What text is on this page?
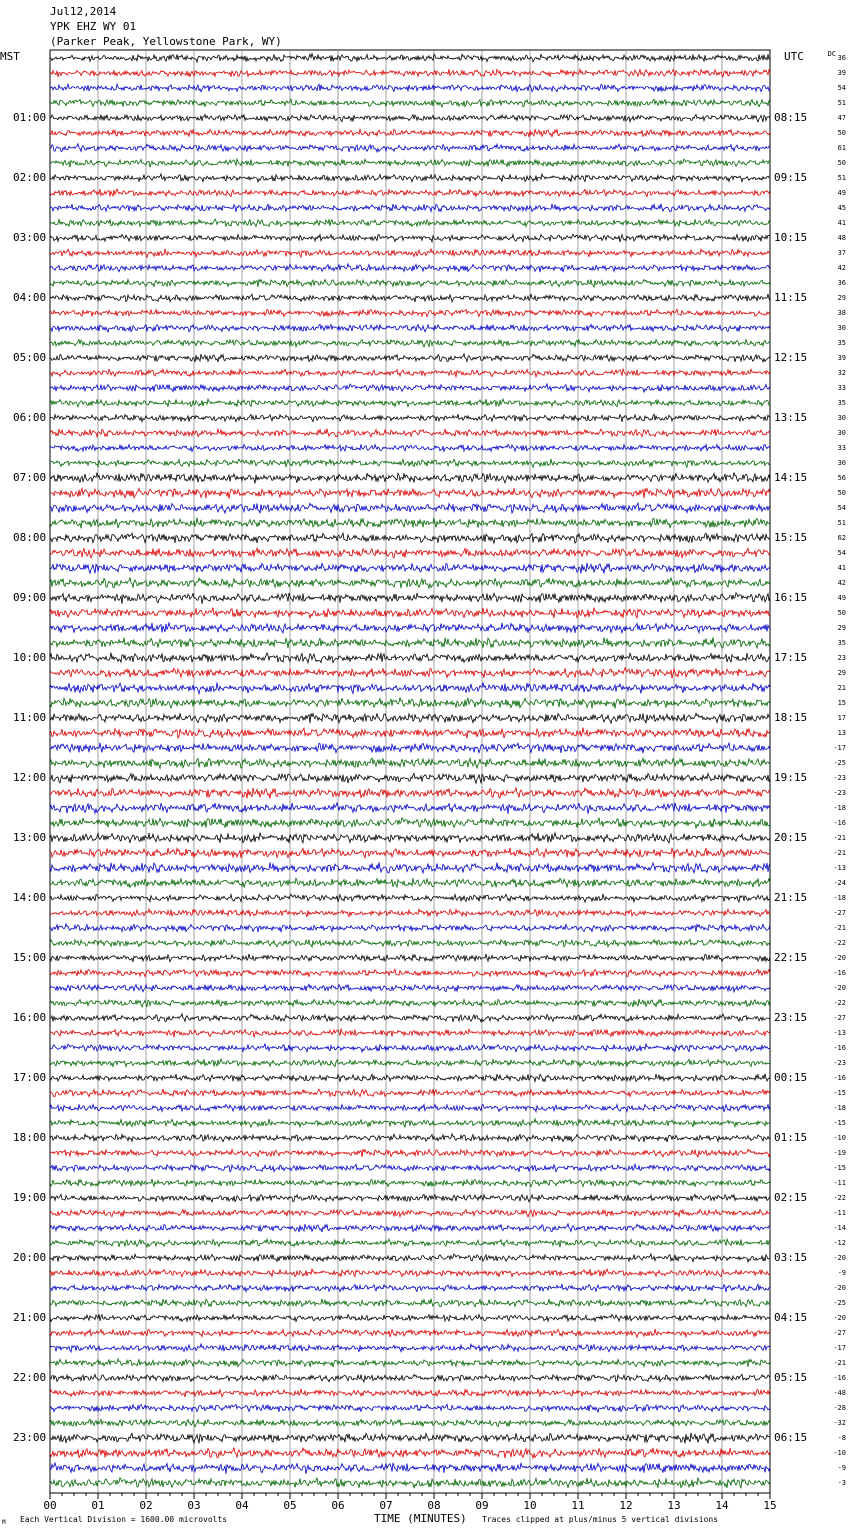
Jul12,2014
YPK EHZ WY 01
(Parker Peak, Yellowstone Park, WY)
MST	UTC	DC
00	01	02	03	04	05	06	07	08	09	10	11	12	13	14	15
01:00
02:00
03:00
04:00
05:00
06:00
07:00
08:00
09:00
10:00
11:00
12:00
13:00
14:00
15:00
16:00
17:00
18:00
19:00
20:00
21:00
22:00
23:00
08:15
09:15
10:15
11:15
12:15
13:15
14:15
15:15
16:15
17:15
18:15
19:15
20:15
21:15
22:15
23:15
00:15
01:15
02:15
03:15
04:15
05:15
06:15
36
39
54
51
47
50
61
50
51
49
45
41
48
37
42
36
29
38
30
35
39
32
33
35
30
30
33
30
56
50
54
51
62
54
41
42
49
50
29
35
23
29
21
15
17
13
-17
-25
-23
-23
-18
-16
-21
-21
-13
-24
-18
-27
-21
-22
-20
-16
-20
-22
-27
-13
-16
-23
-16
-15
-18
-15
-10
-19
-15
-11
-22
-11
-14
-12
-20
-9
-20
-25
-20
-27
-17
-21
-16
-48
-28
-32
-8
-10
-9
-3
M Each Vertical Division = 1600.00 microvolts	TIME (MINUTES) Traces clipped at plus/minus 5 vertical divisions
